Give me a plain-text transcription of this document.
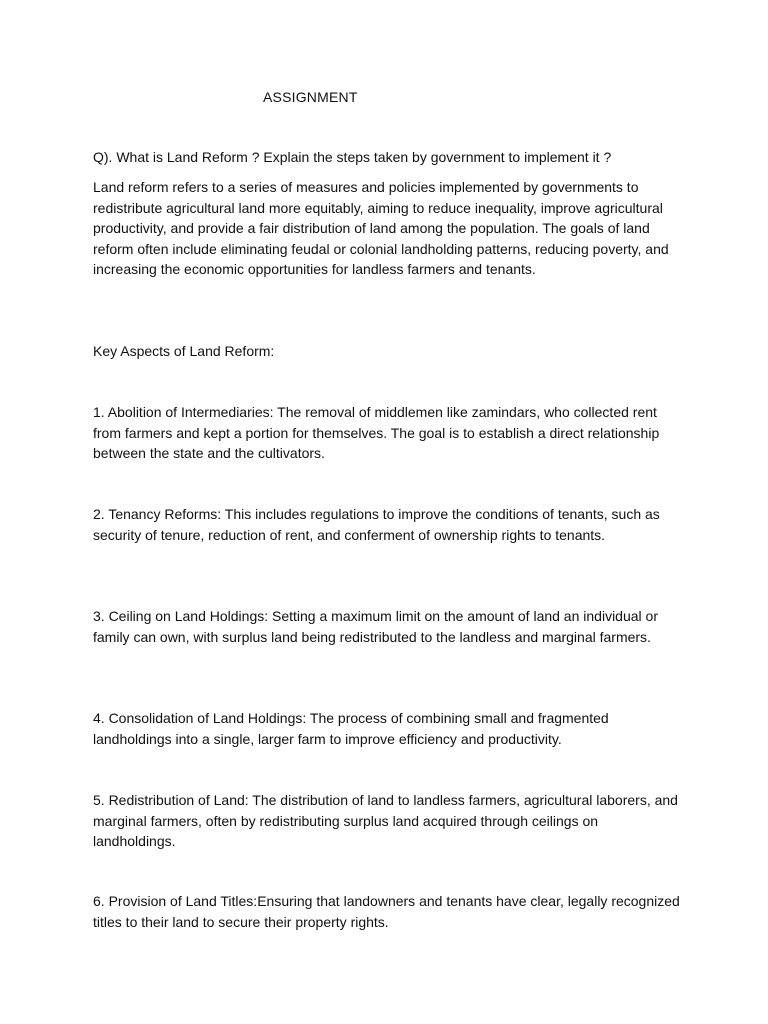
ASSIGNMENT

Q). What is Land Reform ? Explain the steps taken by government to implement it ?

Land reform refers to a series of measures and policies implemented by governments to redistribute agricultural land more equitably, aiming to reduce inequality, improve agricultural productivity, and provide a fair distribution of land among the population. The goals of land reform often include eliminating feudal or colonial landholding patterns, reducing poverty, and increasing the economic opportunities for landless farmers and tenants.

Key Aspects of Land Reform:

1. Abolition of Intermediaries: The removal of middlemen like zamindars, who collected rent from farmers and kept a portion for themselves. The goal is to establish a direct relationship between the state and the cultivators.

2. Tenancy Reforms: This includes regulations to improve the conditions of tenants, such as security of tenure, reduction of rent, and conferment of ownership rights to tenants.

3. Ceiling on Land Holdings: Setting a maximum limit on the amount of land an individual or family can own, with surplus land being redistributed to the landless and marginal farmers.

4. Consolidation of Land Holdings: The process of combining small and fragmented landholdings into a single, larger farm to improve efficiency and productivity.

5. Redistribution of Land: The distribution of land to landless farmers, agricultural laborers, and marginal farmers, often by redistributing surplus land acquired through ceilings on landholdings.

6. Provision of Land Titles:Ensuring that landowners and tenants have clear, legally recognized titles to their land to secure their property rights.
